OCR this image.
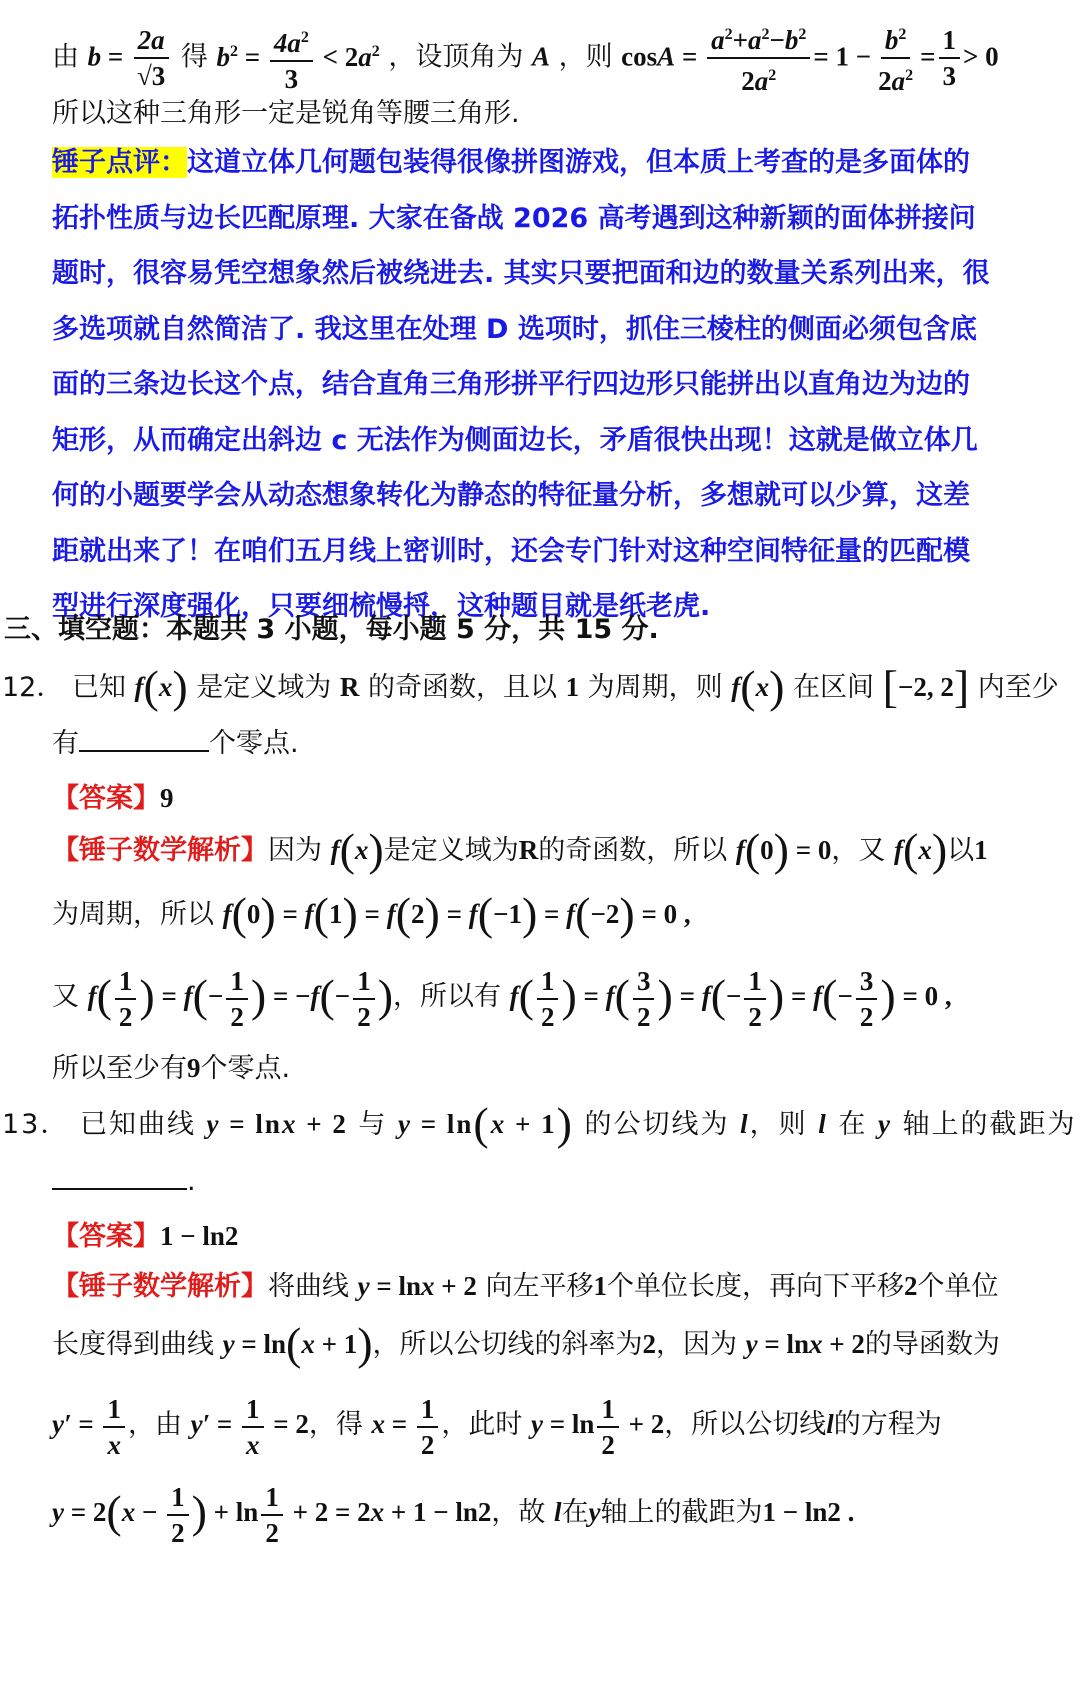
由 $b = \frac{2a}{√3}$ 得 $b^2 = \frac{4a^2}{3} < 2a^2$ ，设顶角为 A ，则 $\cos A = \frac{a^2+a^2-b^2}{2a^2} = 1 - \frac{b^2}{2a^2} = \frac{1}{3} > 0$
所以这种三角形一定是锐角等腰三角形.
锤子点评：这道立体几何题包装得很像拼图游戏，但本质上考查的是多面体的拓扑性质与边长匹配原理. 大家在备战 2026 高考遇到这种新颖的面体拼接问题时，很容易凭空想象然后被绕进去. 其实只要把面和边的数量关系列出来，很多选项就自然简洁了. 我这里在处理 D 选项时，抓住三棱柱的侧面必须包含底面的三条边长这个点，结合直角三角形拼平行四边形只能拼出以直角边为边的矩形，从而确定出斜边 c 无法作为侧面边长，矛盾很快出现！这就是做立体几何的小题要学会从动态想象转化为静态的特征量分析，多想就可以少算，这差距就出来了！在咱们五月线上密训时，还会专门针对这种空间特征量的匹配模型进行深度强化，只要细梳慢捋，这种题目就是纸老虎.
三、填空题：本题共 3 小题，每小题 5 分，共 15 分.
12． 已知 f(x) 是定义域为 R 的奇函数，且以 1 为周期，则 f(x) 在区间 [−2, 2] 内至少
有	个零点.
【答案】9
【锤子数学解析】因为 f(x)是定义域为R的奇函数，所以 f(0) = 0，又 f(x)以1
为周期，所以 f(0) = f(1) = f(2) = f(−1) = f(−2) = 0 ,
又 $f( \frac{1}{2}$ ) = $f(- \frac{1}{2}$ ) = $-f(- \frac{1}{2}$ )，所以有 $f( \frac{1}{2}$ ) = $f( \frac{3}{2}$ ) = $f(- \frac{1}{2}$ ) = $f(- \frac{3}{2}$ ) = 0 ,
所以至少有9个零点.
13． 已知曲线 y = lnx + 2 与 y = ln(x + 1) 的公切线为 l，则 l 在 y 轴上的截距为
.
【答案】1 − ln2
【锤子数学解析】将曲线 y = lnx + 2 向左平移1个单位长度，再向下平移2个单位
长度得到曲线 y = ln(x + 1)，所以公切线的斜率为2，因为 y = lnx + 2的导函数为
$y' = \frac{1}{x}$ ，由 $y' = \frac{1}{x} = 2$，得 $x = \frac{1}{2}$ ，此时 $y = \ln \frac{1}{2} + 2$，所以公切线l的方程为
$y = 2(x - \frac{1}{2}$ ) + $\ln \frac{1}{2} + 2 = 2x + 1 - \ln 2$，故 l在y轴上的截距为1 − ln2 .
